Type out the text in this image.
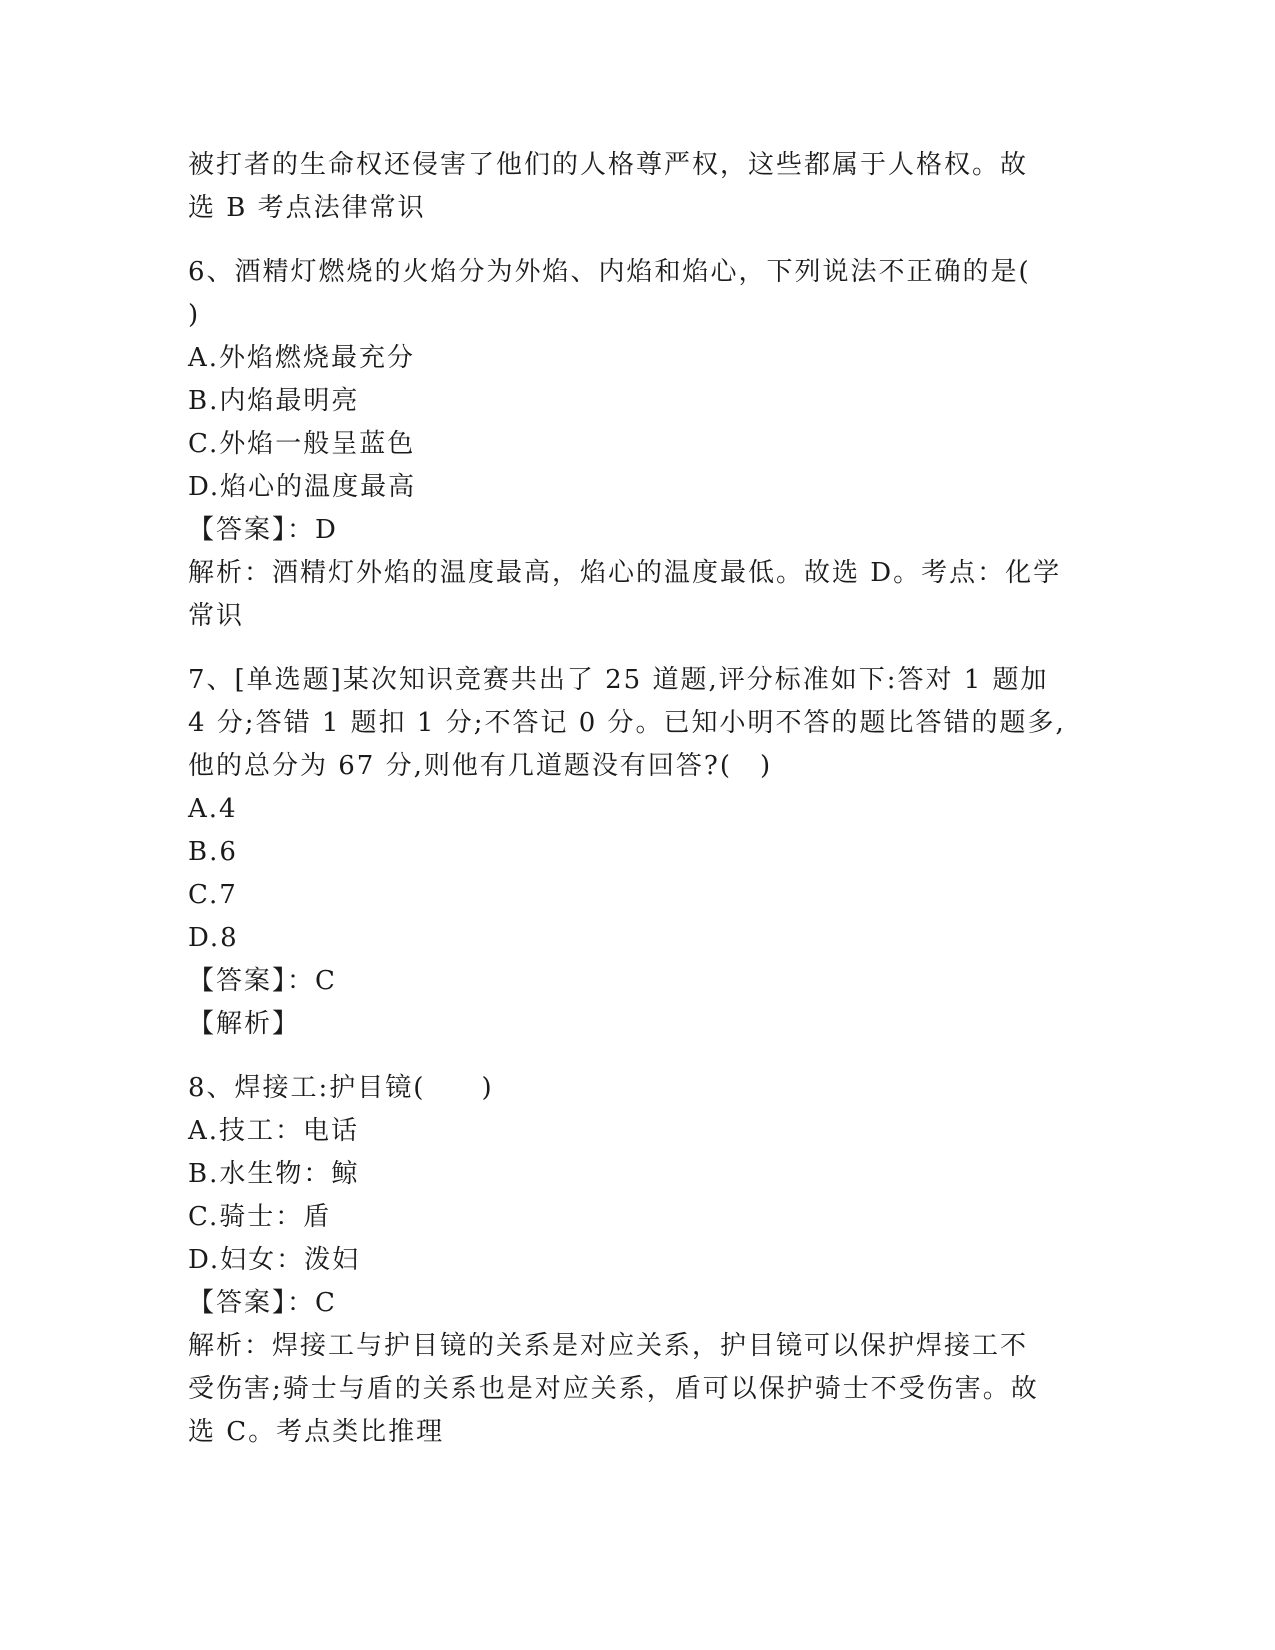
被打者的生命权还侵害了他们的人格尊严权，这些都属于人格权。故
选 B 考点法律常识
6、酒精灯燃烧的火焰分为外焰、内焰和焰心，下列说法不正确的是(
)
A.外焰燃烧最充分
B.内焰最明亮
C.外焰一般呈蓝色
D.焰心的温度最高
【答案】：D
解析：酒精灯外焰的温度最高，焰心的温度最低。故选 D。考点：化学
常识
7、[单选题]某次知识竞赛共出了 25 道题,评分标准如下:答对 1 题加
4 分;答错 1 题扣 1 分;不答记 0 分。已知小明不答的题比答错的题多,
他的总分为 67 分,则他有几道题没有回答?(　)
A.4
B.6
C.7
D.8
【答案】：C
【解析】
8、焊接工:护目镜(　　)
A.技工：电话
B.水生物：鲸
C.骑士：盾
D.妇女：泼妇
【答案】：C
解析：焊接工与护目镜的关系是对应关系，护目镜可以保护焊接工不
受伤害;骑士与盾的关系也是对应关系，盾可以保护骑士不受伤害。故
选 C。考点类比推理
